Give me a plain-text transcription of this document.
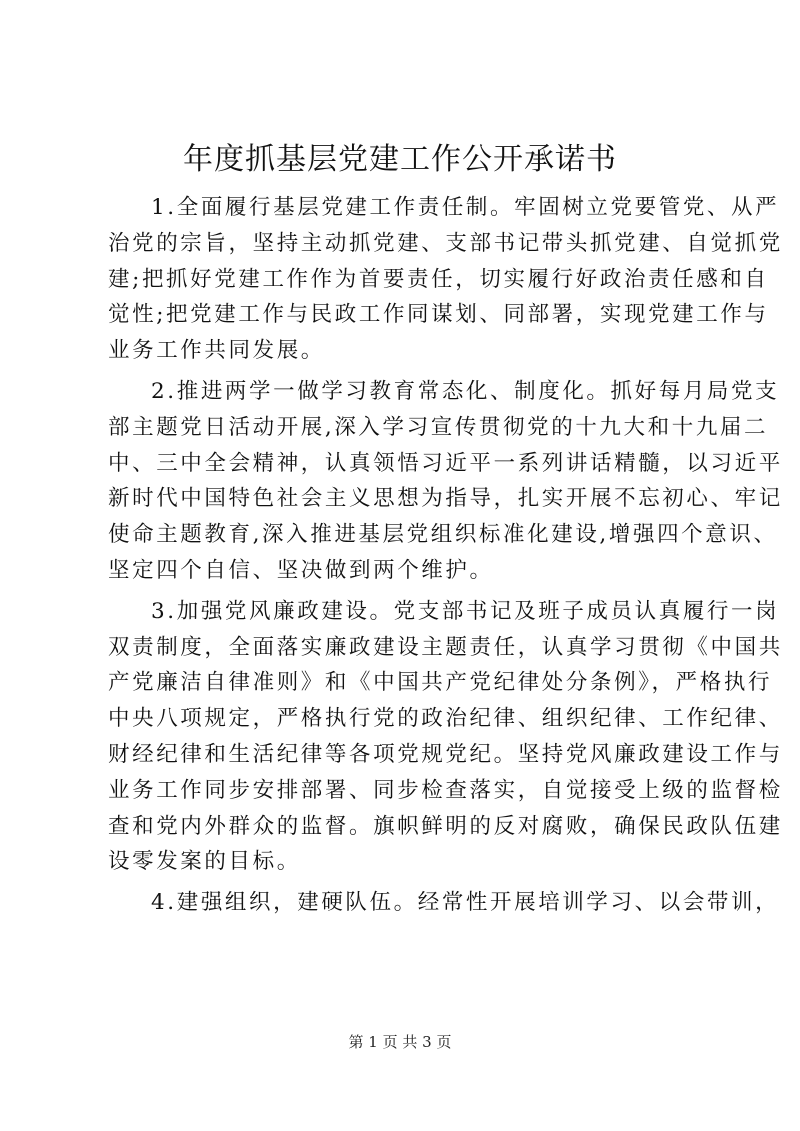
年度抓基层党建工作公开承诺书
1.全面履行基层党建工作责任制。牢固树立党要管党、从严
治党的宗旨，坚持主动抓党建、支部书记带头抓党建、自觉抓党
建;把抓好党建工作作为首要责任，切实履行好政治责任感和自
觉性;把党建工作与民政工作同谋划、同部署，实现党建工作与
业务工作共同发展。
2.推进两学一做学习教育常态化、制度化。抓好每月局党支
部主题党日活动开展,深入学习宣传贯彻党的十九大和十九届二
中、三中全会精神，认真领悟习近平一系列讲话精髓，以习近平
新时代中国特色社会主义思想为指导，扎实开展不忘初心、牢记
使命主题教育,深入推进基层党组织标准化建设,增强四个意识、
坚定四个自信、坚决做到两个维护。
3.加强党风廉政建设。党支部书记及班子成员认真履行一岗
双责制度，全面落实廉政建设主题责任，认真学习贯彻《中国共
产党廉洁自律准则》和《中国共产党纪律处分条例》，严格执行
中央八项规定，严格执行党的政治纪律、组织纪律、工作纪律、
财经纪律和生活纪律等各项党规党纪。坚持党风廉政建设工作与
业务工作同步安排部署、同步检查落实，自觉接受上级的监督检
查和党内外群众的监督。旗帜鲜明的反对腐败，确保民政队伍建
设零发案的目标。
4.建强组织，建硬队伍。经常性开展培训学习、以会带训，
第 1 页 共 3 页
